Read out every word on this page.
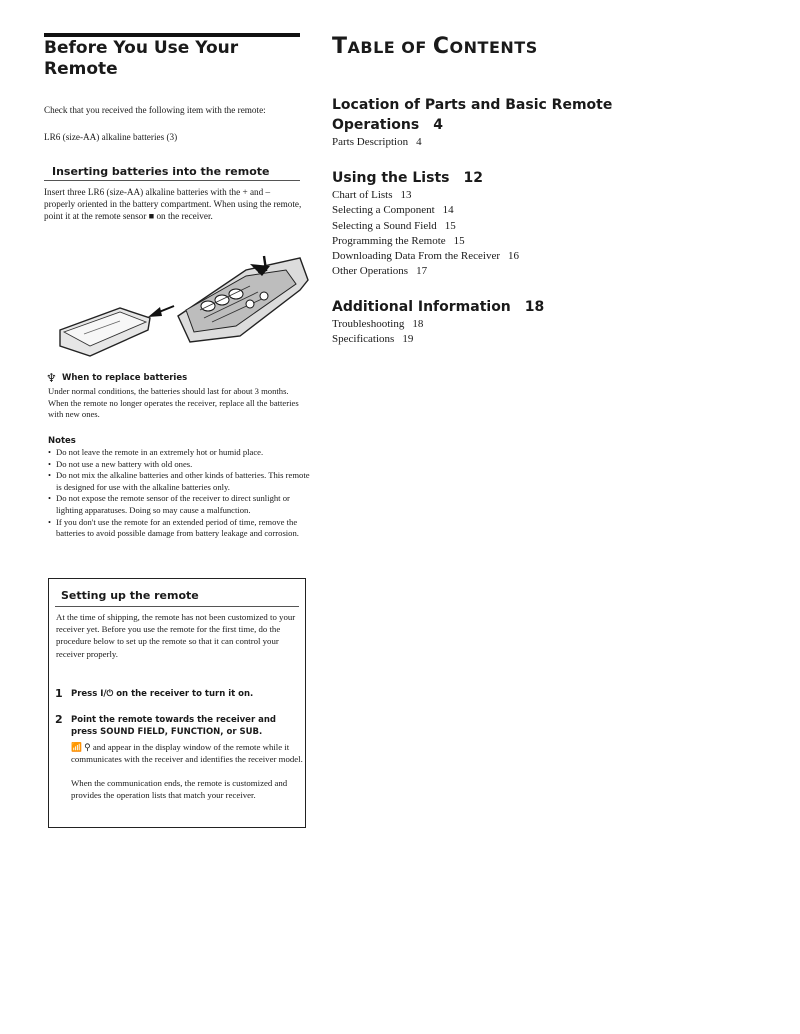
Before You Use Your Remote

Check that you received the following item with the remote:

LR6 (size-AA) alkaline batteries (3)

Inserting batteries into the remote

Insert three LR6 (size-AA) alkaline batteries with the + and – properly oriented in the battery compartment. When using the remote, point it at the remote sensor ■ on the receiver.

♆ When to replace batteries

Under normal conditions, the batteries should last for about 3 months. When the remote no longer operates the receiver, replace all the batteries with new ones.

Notes
• Do not leave the remote in an extremely hot or humid place.
• Do not use a new battery with old ones.
• Do not mix the alkaline batteries and other kinds of batteries. This remote is designed for use with the alkaline batteries only.
• Do not expose the remote sensor of the receiver to direct sunlight or lighting apparatuses. Doing so may cause a malfunction.
• If you don't use the remote for an extended period of time, remove the batteries to avoid possible damage from battery leakage and corrosion.
Setting up the remote

At the time of shipping, the remote has not been customized to your receiver yet. Before you use the remote for the first time, do the procedure below to set up the remote so that it can control your receiver properly.

1 Press I/⏻ on the receiver to turn it on.
2 Point the remote towards the receiver and press SOUND FIELD, FUNCTION, or SUB.
📶 ⚲ and appear in the display window of the remote while it communicates with the receiver and identifies the receiver model.

When the communication ends, the remote is customized and provides the operation lists that match your receiver.

TABLE OF CONTENTS

Location of Parts and Basic Remote

Operations 4

Parts Description 4

Using the Lists 12

Chart of Lists 13

Selecting a Component 14

Selecting a Sound Field 15

Programming the Remote 15

Downloading Data From the Receiver 16

Other Operations 17

Additional Information 18

Troubleshooting 18

Specifications 19
